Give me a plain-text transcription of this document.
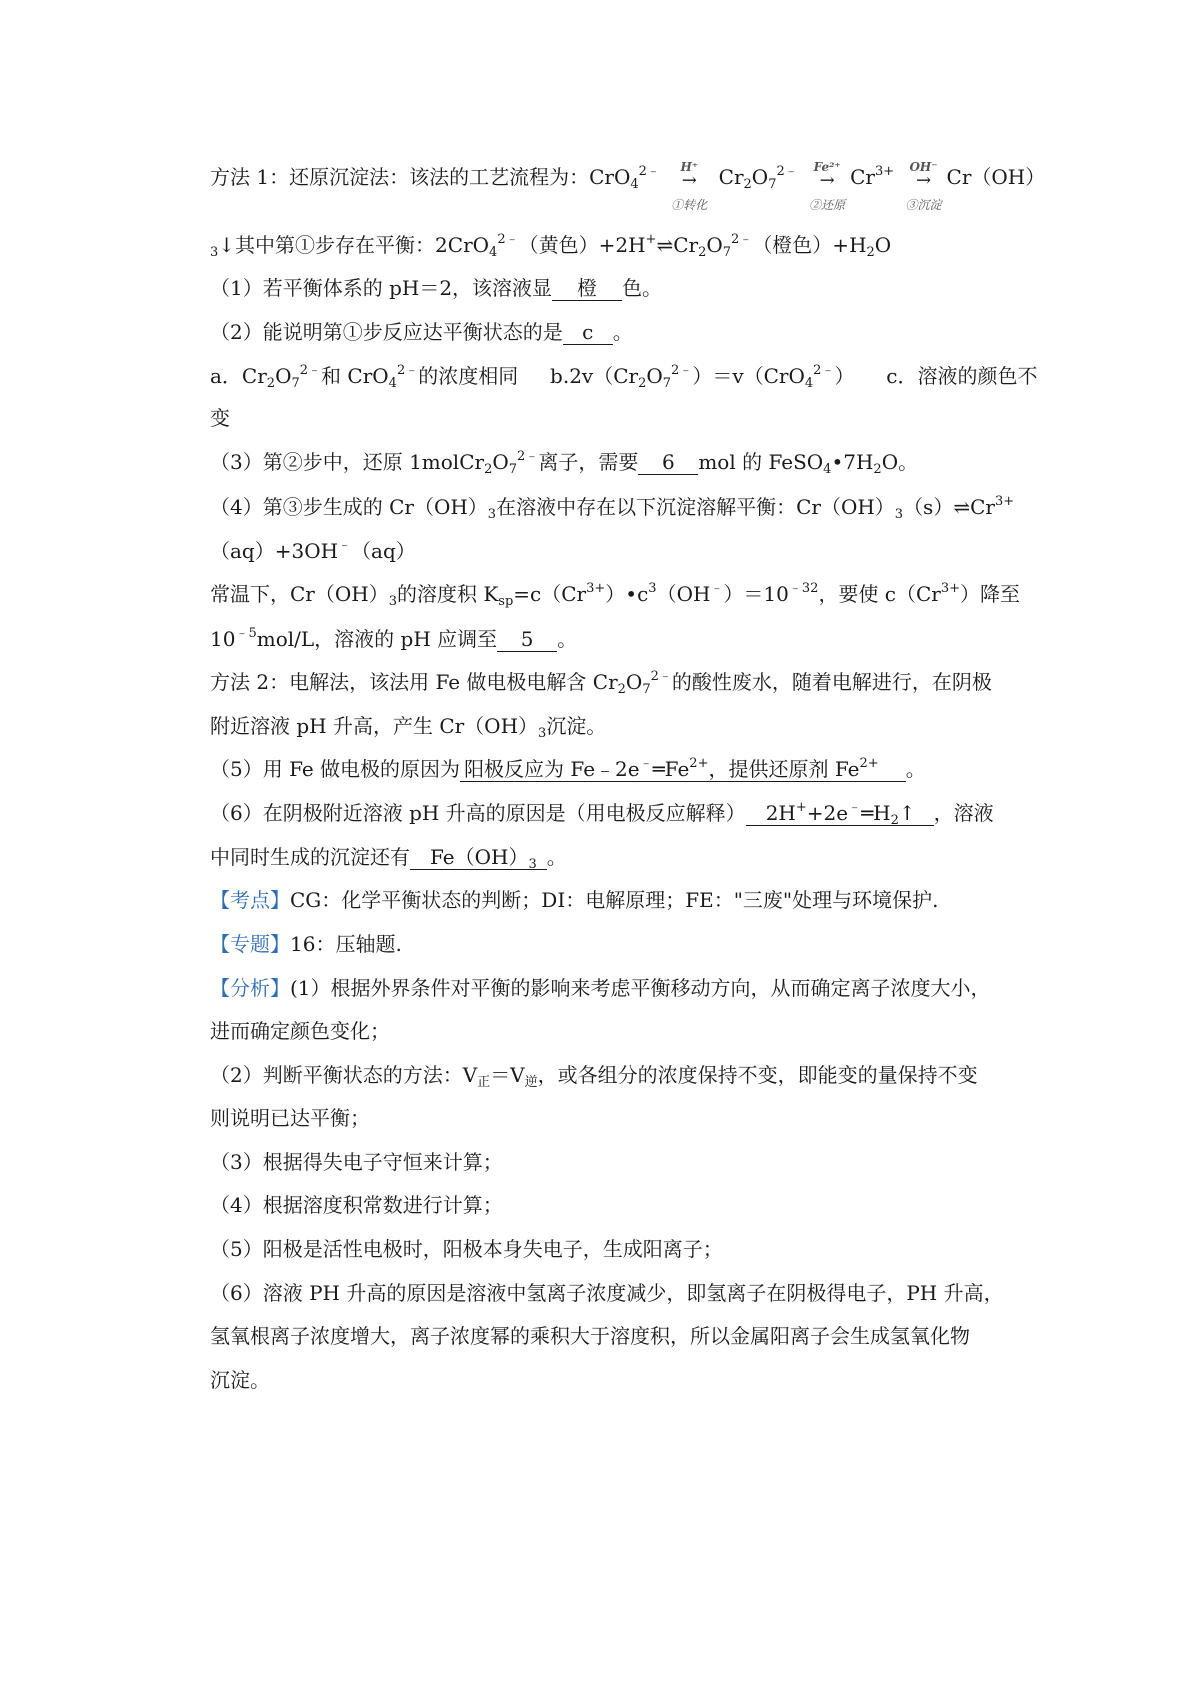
方法 1：还原沉淀法：该法的工艺流程为：CrO$_4^{2﹣}$	H⁺
→
①转化
$Cr_2O_7^{2﹣}$	Fe²⁺
→
②还原
$Cr^{3+}$	OH⁻
→
③沉淀
Cr（OH）
$_3$↓其中第①步存在平衡：2CrO$_4^{2﹣}$（黄色）$+2H^+\rightleftharpoons Cr_2O_7^{2﹣}$（橙色）$+H_2O$
（1）若平衡体系的 pH＝2，该溶液显 橙 色。
（2）能说明第①步反应达平衡状态的是 c 。
a．$Cr_2O_7^{2﹣}$和 CrO$_4^{2﹣}$的浓度相同 $b.2v(Cr_2O_7^{2﹣})=v(CrO_4^{2﹣})$ c．溶液的颜色不
变
（3）第②步中，还原 $1molCr_2O_7^{2﹣}$离子，需要 6 mol 的 $FeSO_4•7H_2O$。
（4）第③步生成的 $Cr(OH)_3$在溶液中存在以下沉淀溶解平衡：$Cr(OH)_3(s)\rightleftharpoons Cr^{3+}$
（aq）+3OH﹣（aq）
常温下，$Cr(OH)_3$的溶度积 $K_{sp}=c(Cr^{3+})•c^3(OH^﹣)=10^{﹣32}$，要使 $c(Cr^{3+})$降至
$10^{﹣5}mol/L$，溶液的 pH 应调至 5 。
方法 2：电解法，该法用 Fe 做电极电解含 $Cr_2O_7^{2﹣}$的酸性废水，随着电解进行，在阴极
附近溶液 pH 升高，产生 $Cr(OH)_3$沉淀。
（5）用 Fe 做电极的原因为 阳极反应为 $Fe﹣2e^﹣═Fe^{2+}$，提供还原剂 $Fe^{2+}$ 。
（6）在阴极附近溶液 pH 升高的原因是（用电极反应解释） $2H^++2e^﹣═H_2↑$ ，溶液
中同时生成的沉淀还有 $Fe(OH)_3$ 。
【考点】CG：化学平衡状态的判断；DI：电解原理；FE："三废"处理与环境保护.
【专题】16：压轴题.
【分析】(1）根据外界条件对平衡的影响来考虑平衡移动方向，从而确定离子浓度大小，
进而确定颜色变化；
（2）判断平衡状态的方法：$V_正=V_逆$，或各组分的浓度保持不变，即能变的量保持不变
则说明已达平衡；
（3）根据得失电子守恒来计算；
（4）根据溶度积常数进行计算；
（5）阳极是活性电极时，阳极本身失电子，生成阳离子；
（6）溶液 PH 升高的原因是溶液中氢离子浓度减少，即氢离子在阴极得电子，PH 升高，
氢氧根离子浓度增大，离子浓度幂的乘积大于溶度积，所以金属阳离子会生成氢氧化物
沉淀。
